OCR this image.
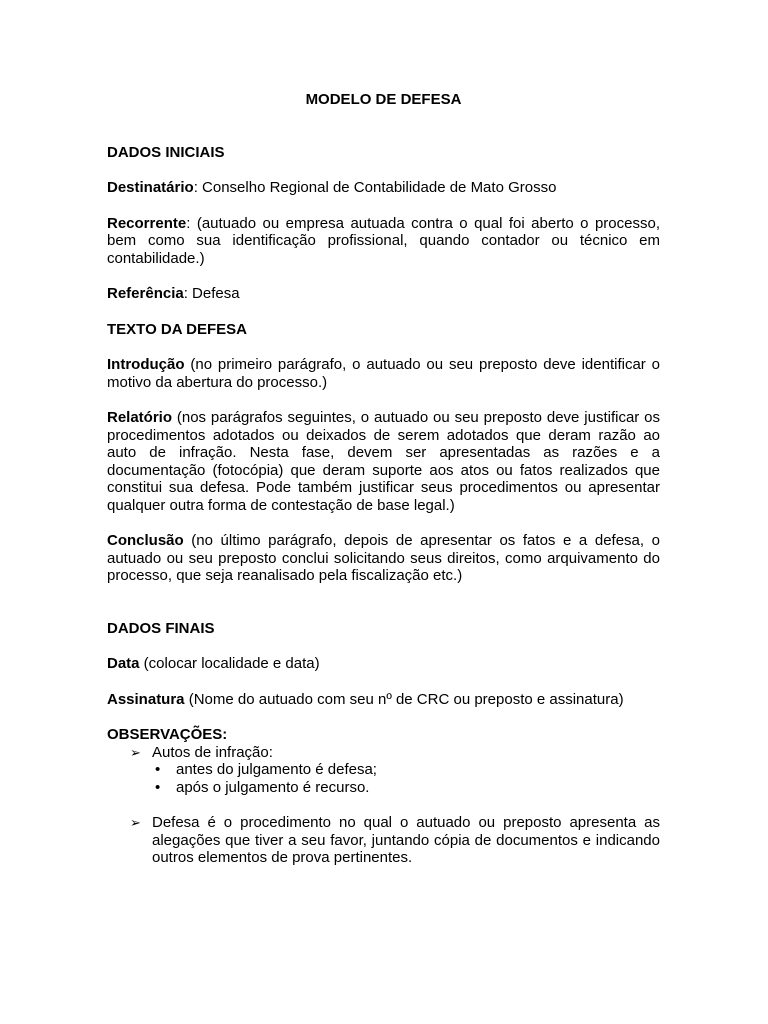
MODELO DE DEFESA
DADOS INICIAIS

Destinatário: Conselho Regional de Contabilidade de Mato Grosso

Recorrente: (autuado ou empresa autuada contra o qual foi aberto o processo, bem como sua identificação profissional, quando contador ou técnico em contabilidade.)

Referência: Defesa

TEXTO DA DEFESA

Introdução (no primeiro parágrafo, o autuado ou seu preposto deve identificar o motivo da abertura do processo.)

Relatório (nos parágrafos seguintes, o autuado ou seu preposto deve justificar os procedimentos adotados ou deixados de serem adotados que deram razão ao auto de infração. Nesta fase, devem ser apresentadas as razões e a documentação (fotocópia) que deram suporte aos atos ou fatos realizados que constitui sua defesa. Pode também justificar seus procedimentos ou apresentar qualquer outra forma de contestação de base legal.)

Conclusão (no último parágrafo, depois de apresentar os fatos e a defesa, o autuado ou seu preposto conclui solicitando seus direitos, como arquivamento do processo, que seja reanalisado pela fiscalização etc.)

DADOS FINAIS

Data (colocar localidade e data)

Assinatura (Nome do autuado com seu nº de CRC ou preposto e assinatura)

OBSERVAÇÕES:
➢ Autos de infração:
• antes do julgamento é defesa;
• após o julgamento é recurso.
➢ Defesa é o procedimento no qual o autuado ou preposto apresenta as alegações que tiver a seu favor, juntando cópia de documentos e indicando outros elementos de prova pertinentes.
